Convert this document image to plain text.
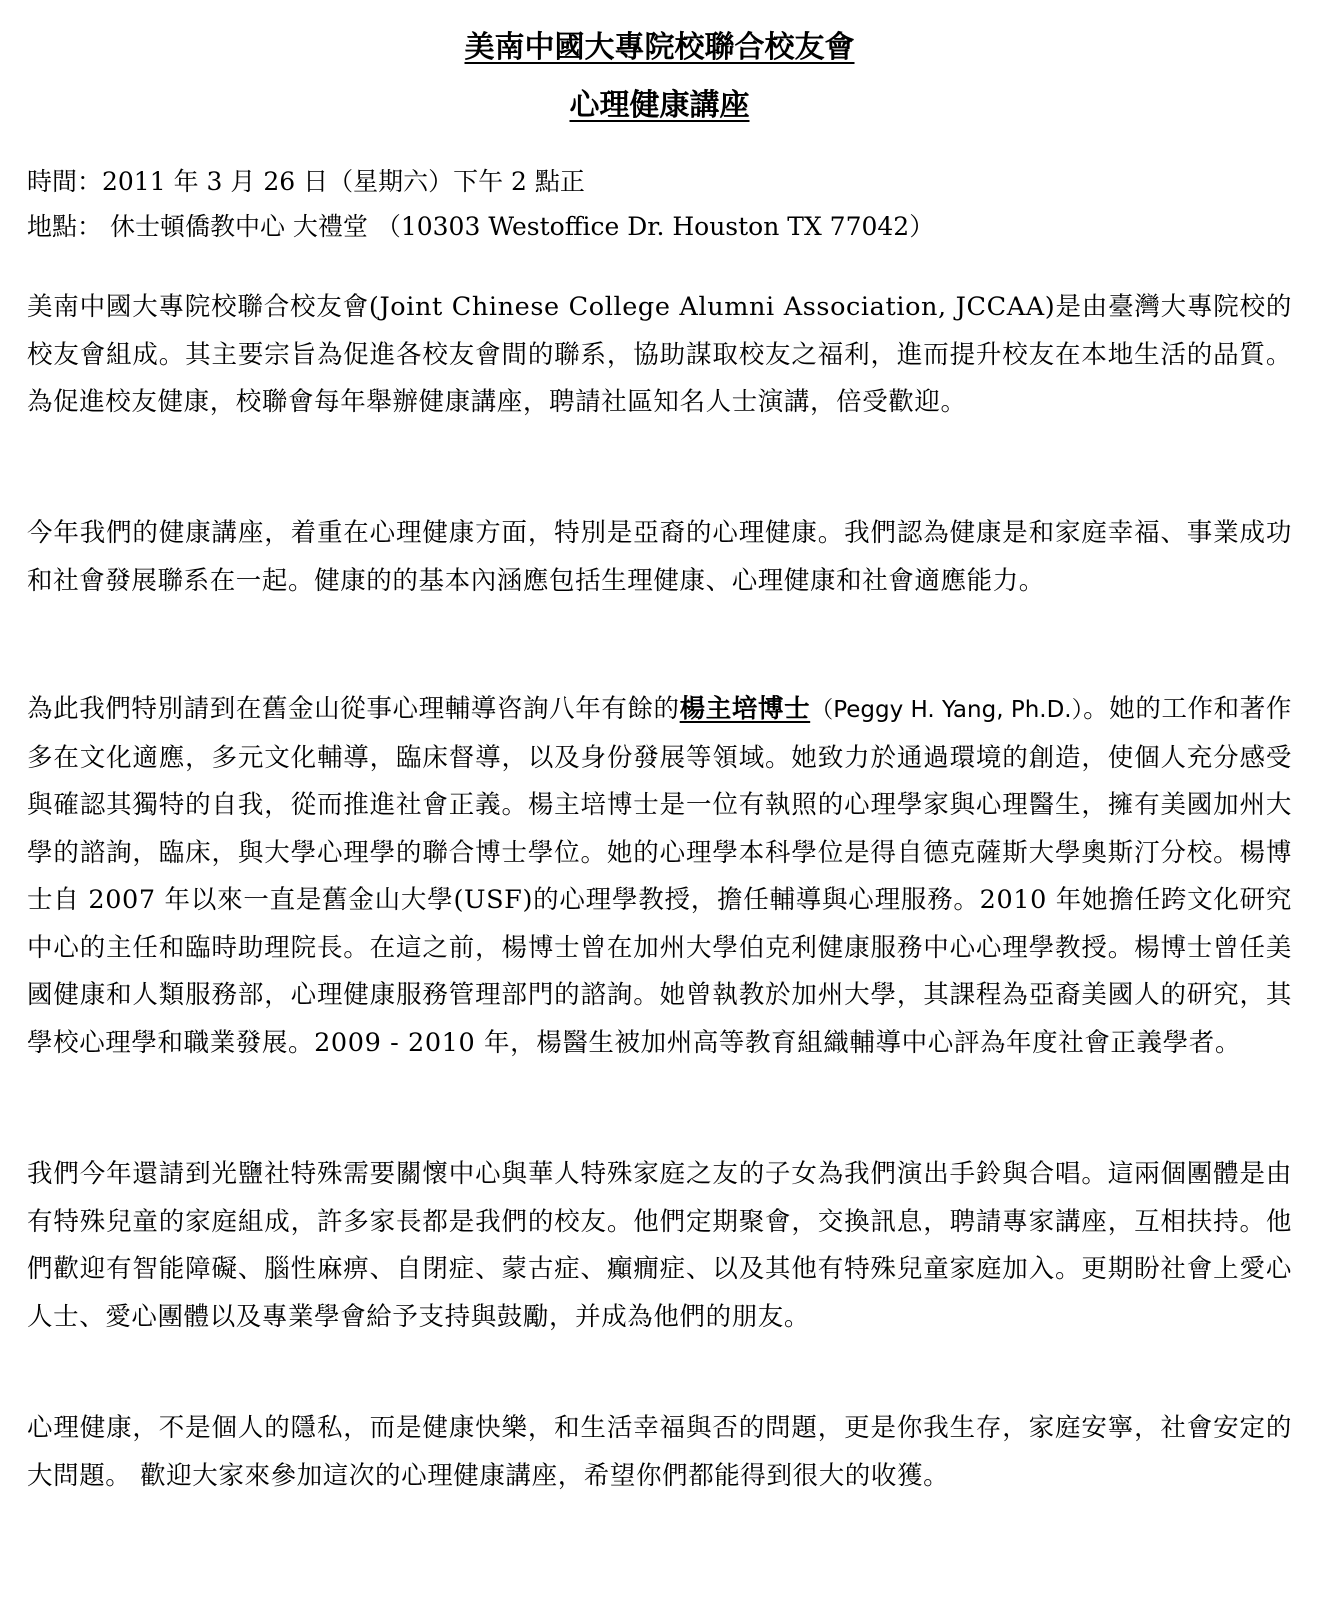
美南中國大專院校聯合校友會
心理健康講座
時間：2011 年 3 月 26 日（星期六）下午 2 點正
地點： 休士頓僑教中心 大禮堂 （10303 Westoffice Dr. Houston TX 77042）

美南中國大專院校聯合校友會(Joint Chinese College Alumni Association, JCCAA)是由臺灣大專院校的校友會組成。其主要宗旨為促進各校友會間的聯系，協助謀取校友之福利，進而提升校友在本地生活的品質。為促進校友健康，校聯會每年舉辦健康講座，聘請社區知名人士演講，倍受歡迎。

今年我們的健康講座，着重在心理健康方面，特別是亞裔的心理健康。我們認為健康是和家庭幸福、事業成功和社會發展聯系在一起。健康的的基本內涵應包括生理健康、心理健康和社會適應能力。

為此我們特別請到在舊金山從事心理輔導咨詢八年有餘的楊主培博士（Peggy H. Yang, Ph.D.）。她的工作和著作多在文化適應，多元文化輔導，臨床督導，以及身份發展等領域。她致力於通過環境的創造，使個人充分感受與確認其獨特的自我，從而推進社會正義。楊主培博士是一位有執照的心理學家與心理醫生，擁有美國加州大學的諮詢，臨床，與大學心理學的聯合博士學位。她的心理學本科學位是得自德克薩斯大學奧斯汀分校。楊博士自 2007 年以來一直是舊金山大學(USF)的心理學教授，擔任輔導與心理服務。2010 年她擔任跨文化研究中心的主任和臨時助理院長。在這之前，楊博士曾在加州大學伯克利健康服務中心心理學教授。楊博士曾任美國健康和人類服務部，心理健康服務管理部門的諮詢。她曾執教於加州大學，其課程為亞裔美國人的研究，其學校心理學和職業發展。2009 - 2010 年，楊醫生被加州高等教育組織輔導中心評為年度社會正義學者。

我們今年還請到光鹽社特殊需要關懷中心與華人特殊家庭之友的子女為我們演出手鈴與合唱。這兩個團體是由有特殊兒童的家庭組成，許多家長都是我們的校友。他們定期聚會，交換訊息，聘請專家講座，互相扶持。他們歡迎有智能障礙、腦性麻痹、自閉症、蒙古症、癲癇症、以及其他有特殊兒童家庭加入。更期盼社會上愛心人士、愛心團體以及專業學會給予支持與鼓勵，并成為他們的朋友。

心理健康，不是個人的隱私，而是健康快樂，和生活幸福與否的問題，更是你我生存，家庭安寧，社會安定的大問題。 歡迎大家來參加這次的心理健康講座，希望你們都能得到很大的收獲。
